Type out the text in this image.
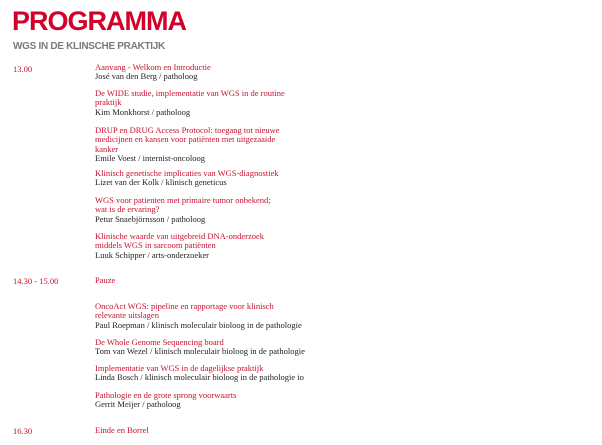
PROGRAMMA
WGS IN DE KLINSCHE PRAKTIJK
13.00
14.30 - 15.00
16.30
Aanvang - Welkom en Introductie
José van den Berg / patholoog
De WIDE studie, implementatie van WGS in de routine
praktijk
Kim Monkhorst / patholoog
DRUP en DRUG Access Protocol: toegang tot nieuwe
medicijnen en kansen voor patiënten met uitgezaaide
kanker
Emile Voest / internist-oncoloog
Klinisch genetische implicaties van WGS-diagnostiek
Lizet van der Kolk / klinisch geneticus
WGS voor patienten met primaire tumor onbekend;
wat is de ervaring?
Petur Snaebjörnsson / patholoog
Klinische waarde van uitgebreid DNA-onderzoek
middels WGS in sarcoom patiënten
Luuk Schipper / arts-onderzoeker
Pauze
OncoAct WGS: pipeline en rapportage voor klinisch
relevante uitslagen
Paul Roepman / klinisch moleculair bioloog in de pathologie
De Whole Genome Sequencing board
Tom van Wezel / klinisch moleculair bioloog in de pathologie
Implementatie van WGS in de dagelijkse praktijk
Linda Bosch / klinisch moleculair bioloog in de pathologie io
Pathologie en de grote sprong voorwaarts
Gerrit Meijer / patholoog
Einde en Borrel
